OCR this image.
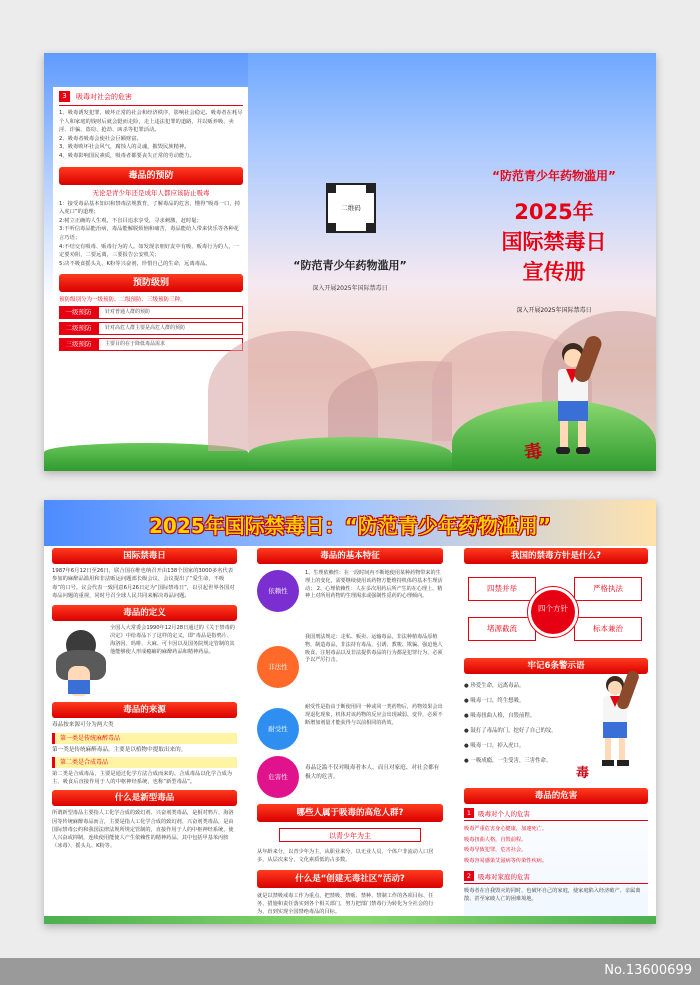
3	吸毒对社会的危害
1、吸毒诱发犯罪，破坏正常的社会和经济秩序，影响社会稳定。吸毒者在耗尽个人和家庭的钱财后就会铤而走险，走上违法犯罪的道路，并以贩养吸、卖淫、诈骗、盗窃、抢劫、凶杀等犯罪活动。
2、吸毒者吸毒会使社会巨额财富。
3、吸毒败坏社会风气，腐蚀人的灵魂，摧毁民族精神。
4、吸毒影响国民素质，吸毒者都要丧失正常的劳动能力。
毒品的预防
无论是青少年还是成年人都应该防止吸毒
1：接受毒品基本知识和禁毒法规教育，了解毒品的危害，懂得“吸毒一口，掉入虎口”的道理；
2:树立正确的人生观，不盲目追求享受，寻求刺激，赶时髦；
3:不听信毒品能治病，毒品能解脱烦恼和痛苦，毒品能给人带来快乐等各种花言巧语；
4:不结交有吸毒、贩毒行为的人。如发现亲朋好友中有吸、贩毒行为的人，一定要劝阻，二要远离，三要报告公安机关；
5:决不吸食摇头丸、K粉等兴奋剂，珍惜自己的生命，远离毒品。
预防级别
预防级别分为一级预防、二级预防、三级预防三种。
一级预防	针对普通人群的预防
二级预防	针对高危人群主要是高危人群的预防
三级预防	主要目的在于降低毒品需求
二维码
“防范青少年药物滥用”
深入开展2025年国际禁毒日
“防范青少年药物滥用”
2025年
国际禁毒日
宣传册
深入开展2025年国际禁毒日
毒
2025年国际禁毒日：“防范青少年药物滥用”
国际禁毒日
1987年6月12日至26日，联合国在维也纳召开由138个国家的3000多名代表参加的麻醉品滥用和非法贩运问题部长级会议，会议提出了“爱生命，不吸毒”的口号。议会代表一致同意6月26日定为“国际禁毒日”，以引起世界各国对毒品问题的重视，同时号召全球人民共同来解决毒品问题。
毒品的定义
全国人大常委会1990年12月28日通过的《关于禁毒的决定》中给毒品下了这样的定义，即“毒品是指鸦片、海洛因、吗啡、大麻、可卡因以及国务院规定管制的其他能够使人形成瘾癖的麻醉药品和精神药品。
毒品的来源
毒品按来源可分为两大类
第一类是传统麻醉毒品
第一类是传统麻醉毒品，主要是以植物中提取出来的。
第二类是合成毒品
第二类是合成毒品，主要是通过化学方法合成而来的。合成毒品以化学合成为主，吸食后直接作用于人的中枢神经系统，也称“新型毒品”。
什么是新型毒品
所谓新型毒品主要指人工化学合成的致幻剂、兴奋剂类毒品，是相对鸦片、海洛因等传统麻醉毒品而言，主要是指人工化学合成的致幻剂、兴奋剂类毒品，是由国际禁毒公约和我国法律法规所规定管制的，直接作用于人的中枢神经系统，使人兴奋或抑制，连续使用能使人产生依赖性的精神药品。其中包括甲基苯丙胺（冰毒）、摇头丸、K粉等。
毒品的基本特征
依赖性
1、生理依赖性：在一段时间内不断地使用某种药物带来的生理上的变化，需要继续使用该药物方能维持机体的基本生理活动； 2、心理依赖性：人在多次用药后所产生的在心理上、精神上对所用药物的生理渴求或强制性觅药的心理倾向。
非法性
我国刑法规定：走私、贩卖、运输毒品，非法种植毒品原植物，制造毒品，非法持有毒品，引诱、教唆、欺骗、强迫他人吸食、注射毒品以及非法提供毒品的行为都是犯罪行为，必须予以严厉打击。
耐受性
耐受性是指由于断使用同一种或同一类药物后，药物效果会出现退化现象，机体对该药物的反应会出现减弱、变异，必须不断增加剂量才能获得与以前相同的药效。
危害性
毒品泛滥不仅对吸毒者本人，而且对家庭、对社会都有极大的危害。
哪些人属于吸毒的高危人群?
以青少年为主
从年龄来分，以青少年为主，从职业来分，以无业人员、个体户非流动人口居多，从层次来分，文化素质低的占多数。
什么是“创建无毒社区”活动?
就是以禁吸戒毒工作为重点，把禁吸、禁贩、禁种、禁制工作的各项目标、任务、措施和责任落实到各个相关部门，努力把部门禁毒行为转化为全社会的行为，直到实现全国禁绝毒品的目标。
我国的禁毒方针是什么?
四禁并举	严格执法
堵源截流	标本兼治
四个方针
牢记6条警示语
● 珍爱生命，远离毒品。
● 吸毒一口，终生想吸。
● 吸毒扭曲人格，自毁前程。
● 鼓打了毒品的门，挖好了自己的坟。
● 吸毒一口，掉入虎口。
● 一吸成瘾，一生受害，三害性命。
毒
毒品的危害
1	吸毒对个人的危害
吸毒严重危害身心健康，加速死亡。
吸毒扭曲人格，自毁前程。
吸毒导致犯罪，危害社会。
吸毒容易感染艾滋病等传染性疾病。
2	吸毒对家庭的危害
吸毒者在自我毁灭的同时，也破坏自己的家庭，使家庭陷入经济破产、亲属离散、甚至家破人亡的困难境地。
No.13600699
